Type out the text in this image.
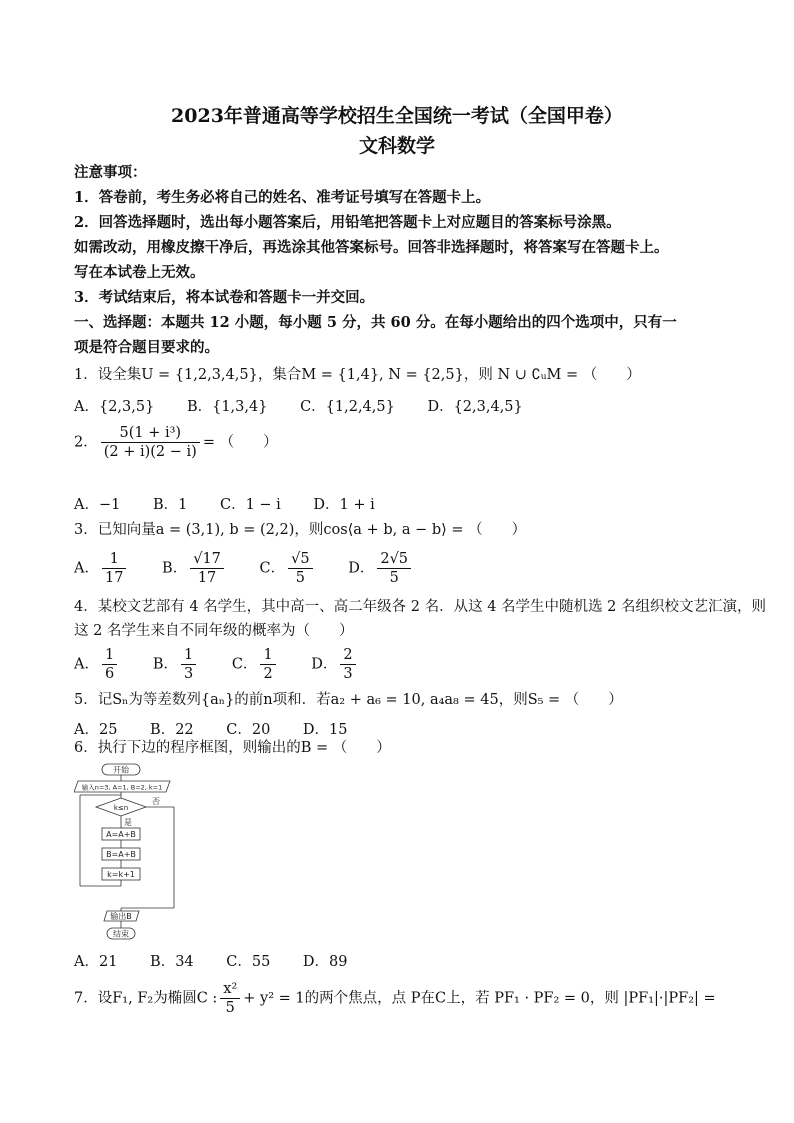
2023年普通高等学校招生全国统一考试（全国甲卷）
文科数学
注意事项：
1．答卷前，考生务必将自己的姓名、准考证号填写在答题卡上。
2．回答选择题时，选出每小题答案后，用铅笔把答题卡上对应题目的答案标号涂黑。
如需改动，用橡皮擦干净后，再选涂其他答案标号。回答非选择题时，将答案写在答题卡上。
写在本试卷上无效。
3．考试结束后，将本试卷和答题卡一并交回。
一、选择题：本题共 12 小题，每小题 5 分，共 60 分。在每小题给出的四个选项中，只有一
项是符合题目要求的。
1．设全集U = {1,2,3,4,5}，集合M = {1,4}, N = {2,5}，则 N ∪ ∁ᵤM = （　　）
A．{2,3,5} B．{1,3,4} C．{1,2,4,5} D．{2,3,4,5}
2． $\frac{\text{5(1 + i³)}}{(2 + i)(2 - i)}$ = （　　）
A．−1 B．1 C．1 − i D．1 + i
3．已知向量a = (3,1), b = (2,2)，则cos⟨a + b, a − b⟩ = （　　）
A． $\frac{1}{17}$ B． $\frac{√17}{17}$ C． $\frac{√5}{5}$ D． $\frac{2√5}{5}$
4．某校文艺部有 4 名学生，其中高一、高二年级各 2 名．从这 4 名学生中随机选 2 名组织校文艺汇演，则
这 2 名学生来自不同年级的概率为（　　）
A． $\frac{1}{6}$ B． $\frac{1}{3}$ C． $\frac{1}{2}$ D． $\frac{2}{3}$
5．记Sₙ为等差数列{aₙ}的前n项和．若a₂ + a₆ = 10, a₄a₈ = 45，则S₅ = （　　）
A．25 B．22 C．20 D．15
6．执行下边的程序框图，则输出的B = （　　）
开始
输入n=3, A=1, B=2, k=1
k≤n
否
是
A=A+B
B=A+B
k=k+1
输出B
结束
A．21 B．34 C．55 D．89
7．设F₁, F₂为椭圆C : $\frac{\text{x²}}{5} + y^2 = 1$的两个焦点，点 P在C上，若 PF₁ · PF₂ = 0，则 |PF₁|·|PF₂| =
